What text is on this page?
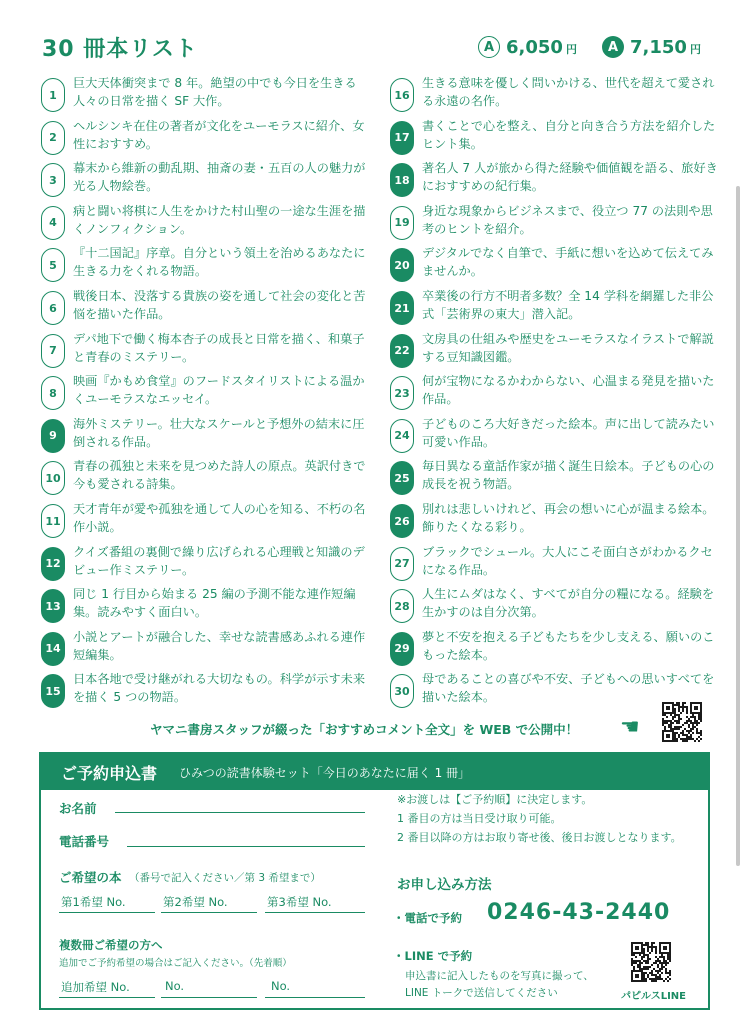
30 冊本リスト	A 6,050 円	A 7,150 円
1
巨大天体衝突まで 8 年。絶望の中でも今日を生きる人々の日常を描く SF 大作。
2
ヘルシンキ在住の著者が文化をユーモラスに紹介、女性におすすめ。
3
幕末から維新の動乱期、抽斎の妻・五百の人の魅力が光る人物絵巻。
4
病と闘い将棋に人生をかけた村山聖の一途な生涯を描くノンフィクション。
5
『十二国記』序章。自分という領土を治めるあなたに生きる力をくれる物語。
6
戦後日本、没落する貴族の姿を通して社会の変化と苦悩を描いた作品。
7
デパ地下で働く梅本杏子の成長と日常を描く、和菓子と青春のミステリー。
8
映画『かもめ食堂』のフードスタイリストによる温かくユーモラスなエッセイ。
9
海外ミステリー。壮大なスケールと予想外の結末に圧倒される作品。
10
青春の孤独と未来を見つめた詩人の原点。英訳付きで今も愛される詩集。
11
天才青年が愛や孤独を通して人の心を知る、不朽の名作小説。
12
クイズ番組の裏側で繰り広げられる心理戦と知識のデビュー作ミステリー。
13
同じ 1 行目から始まる 25 編の予測不能な連作短編集。読みやすく面白い。
14
小説とアートが融合した、幸せな読書感あふれる連作短編集。
15
日本各地で受け継がれる大切なもの。科学が示す未来を描く 5 つの物語。
16
生きる意味を優しく問いかける、世代を超えて愛される永遠の名作。
17
書くことで心を整え、自分と向き合う方法を紹介したヒント集。
18
著名人 7 人が旅から得た経験や価値観を語る、旅好きにおすすめの紀行集。
19
身近な現象からビジネスまで、役立つ 77 の法則や思考のヒントを紹介。
20
デジタルでなく自筆で、手紙に想いを込めて伝えてみませんか。
21
卒業後の行方不明者多数？全 14 学科を網羅した非公式「芸術界の東大」潜入記。
22
文房具の仕組みや歴史をユーモラスなイラストで解説する豆知識図鑑。
23
何が宝物になるかわからない、心温まる発見を描いた作品。
24
子どものころ大好きだった絵本。声に出して読みたい可愛い作品。
25
毎日異なる童話作家が描く誕生日絵本。子どもの心の成長を祝う物語。
26
別れは悲しいけれど、再会の想いに心が温まる絵本。飾りたくなる彩り。
27
ブラックでシュール。大人にこそ面白さがわかるクセになる作品。
28
人生にムダはなく、すべてが自分の糧になる。経験を生かすのは自分次第。
29
夢と不安を抱える子どもたちを少し支える、願いのこもった絵本。
30
母であることの喜びや不安、子どもへの思いすべてを描いた絵本。
ヤマニ書房スタッフが綴った「おすすめコメント全文」を WEB で公開中！ ☚
ご予約申込書 ひみつの読書体験セット「今日のあなたに届く 1 冊」
お名前
電話番号
ご希望の本 （番号で記入ください／第 3 希望まで）
第1希望 No.	第2希望 No.	第3希望 No.
複数冊ご希望の方へ
追加でご予約希望の場合はご記入ください。（先着順）
追加希望 No.	No.	No.
※お渡しは【ご予約順】に決定します。
1 番目の方は当日受け取り可能。
2 番目以降の方はお取り寄せ後、後日お渡しとなります。
お申し込み方法
・電話で予約 0246-43-2440
・LINE で予約
申込書に記入したものを写真に撮って、
LINE トークで送信してください	パピルスLINE
